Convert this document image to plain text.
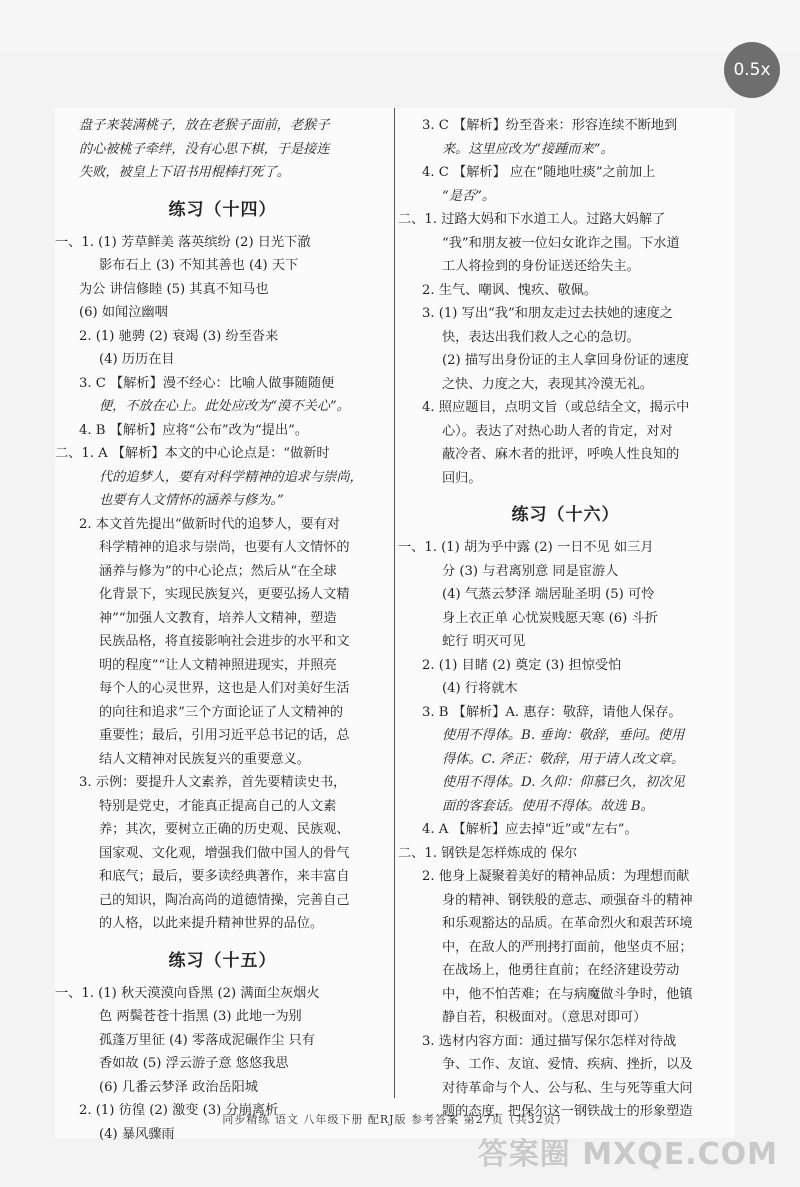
0.5x
盘子来装满桃子，放在老猴子面前，老猴子
的心被桃子牵绊，没有心思下棋，于是接连
失败，被皇上下诏书用棍棒打死了。
练习（十四）
一、1. (1) 芳草鲜美 落英缤纷 (2) 日光下澈
影布石上 (3) 不知其善也 (4) 天下
为公 讲信修睦 (5) 其真不知马也
(6) 如闻泣幽咽
2. (1) 驰骋 (2) 衰竭 (3) 纷至沓来
(4) 历历在目
3. C 【解析】漫不经心：比喻人做事随随便
便，不放在心上。此处应改为“漠不关心”。
4. B 【解析】应将“公布”改为“提出”。
二、1. A 【解析】本文的中心论点是：“做新时
代的追梦人，要有对科学精神的追求与崇尚，
也要有人文情怀的涵养与修为。”
2. 本文首先提出“做新时代的追梦人，要有对
科学精神的追求与崇尚，也要有人文情怀的
涵养与修为”的中心论点；然后从“在全球
化背景下，实现民族复兴，更要弘扬人文精
神”“加强人文教育，培养人文精神，塑造
民族品格，将直接影响社会进步的水平和文
明的程度”“让人文精神照进现实，并照亮
每个人的心灵世界，这也是人们对美好生活
的向往和追求”三个方面论证了人文精神的
重要性；最后，引用习近平总书记的话，总
结人文精神对民族复兴的重要意义。
3. 示例：要提升人文素养，首先要精读史书，
特别是党史，才能真正提高自己的人文素
养；其次，要树立正确的历史观、民族观、
国家观、文化观，增强我们做中国人的骨气
和底气；最后，要多读经典著作，来丰富自
己的知识，陶冶高尚的道德情操，完善自己
的人格，以此来提升精神世界的品位。
练习（十五）
一、1. (1) 秋天漠漠向昏黑 (2) 满面尘灰烟火
色 两鬓苍苍十指黑 (3) 此地一为别
孤蓬万里征 (4) 零落成泥碾作尘 只有
香如故 (5) 浮云游子意 悠悠我思
(6) 几番云梦泽 政治岳阳城
2. (1) 彷徨 (2) 激变 (3) 分崩离析
(4) 暴风骤雨
3. C 【解析】纷至沓来：形容连续不断地到
来。这里应改为“接踵而来”。
4. C 【解析】 应在“随地吐痰”之前加上
“是否”。
二、1. 过路大妈和下水道工人。过路大妈解了
“我”和朋友被一位妇女讹诈之围。下水道
工人将捡到的身份证送还给失主。
2. 生气、嘲讽、愧疚、敬佩。
3. (1) 写出“我”和朋友走过去扶她的速度之
快，表达出我们救人之心的急切。
(2) 描写出身份证的主人拿回身份证的速度
之快、力度之大，表现其冷漠无礼。
4. 照应题目，点明文旨（或总结全文，揭示中
心）。表达了对热心助人者的肯定，对对
蔽冷者、麻木者的批评，呼唤人性良知的
回归。
练习（十六）
一、1. (1) 胡为乎中露 (2) 一日不见 如三月
分 (3) 与君离别意 同是宦游人
(4) 气蒸云梦泽 端居耻圣明 (5) 可怜
身上衣正单 心忧炭贱愿天寒 (6) 斗折
蛇行 明灭可见
2. (1) 目睹 (2) 奠定 (3) 担惊受怕
(4) 行将就木
3. B 【解析】A. 惠存：敬辞，请他人保存。
使用不得体。B. 垂询：敬辞，垂问。使用
得体。C. 斧正：敬辞，用于请人改文章。
使用不得体。D. 久仰：仰慕已久，初次见
面的客套话。使用不得体。故选 B。
4. A 【解析】应去掉“近”或“左右”。
二、1. 钢铁是怎样炼成的 保尔
2. 他身上凝聚着美好的精神品质：为理想而献
身的精神、钢铁般的意志、顽强奋斗的精神
和乐观豁达的品质。在革命烈火和艰苦环境
中，在敌人的严刑拷打面前，他坚贞不屈；
在战场上，他勇往直前；在经济建设劳动
中，他不怕苦难；在与病魔做斗争时，他镇
静自若，积极面对。（意思对即可）
3. 选材内容方面：通过描写保尔怎样对待战
争、工作、友谊、爱情、疾病、挫折，以及
对待革命与个人、公与私、生与死等重大问
题的态度，把保尔这一钢铁战士的形象塑造
同步精练 语文 八年级下册 配RJ版 参考答案 第27页（共32页）
答案圈 MXQE.COM
